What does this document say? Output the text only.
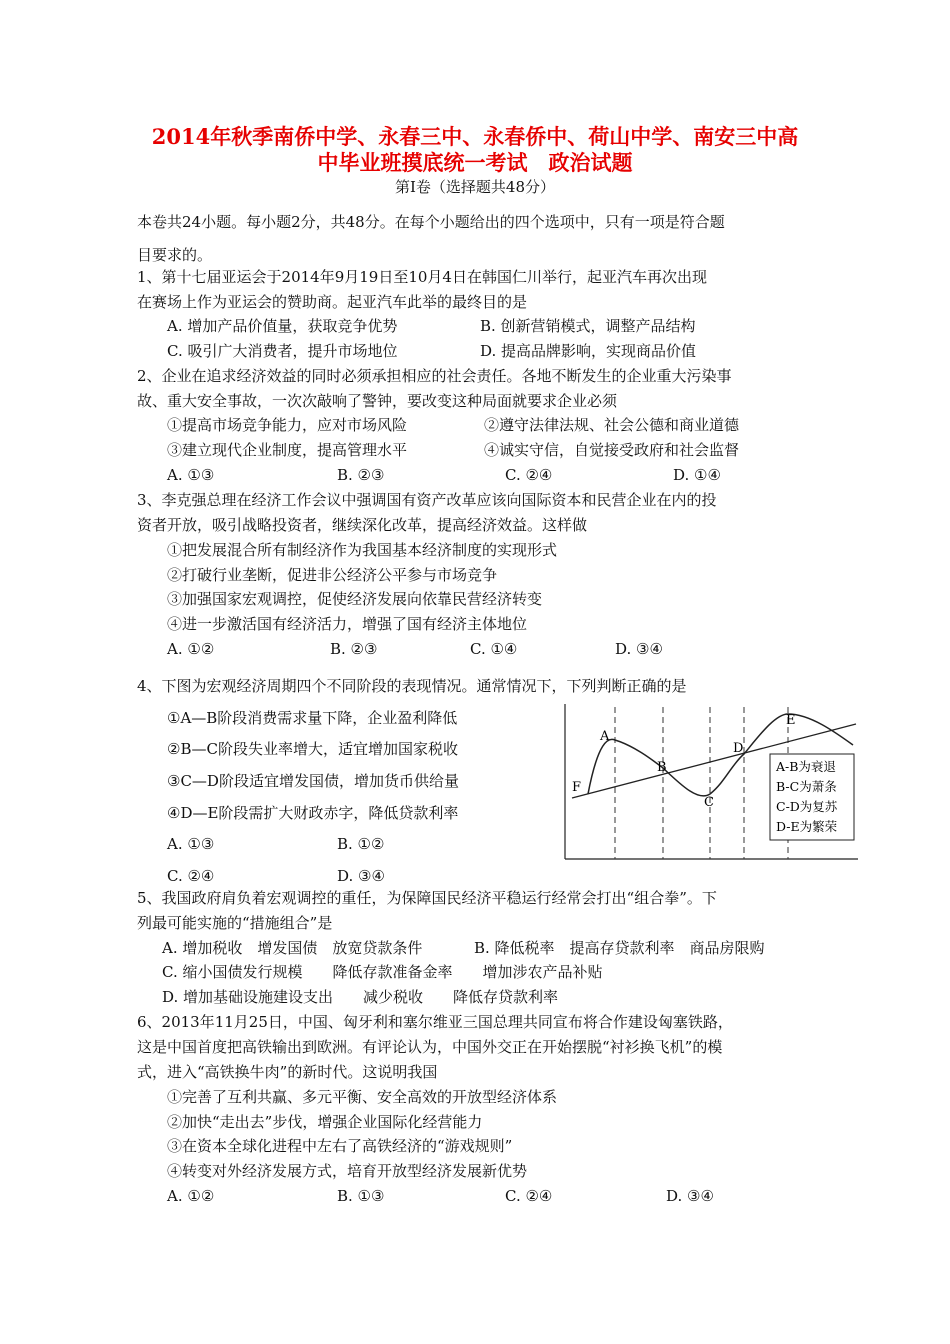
2014年秋季南侨中学、永春三中、永春侨中、荷山中学、南安三中高
中毕业班摸底统一考试　政治试题
第Ⅰ卷（选择题共48分）
本卷共24小题。每小题2分，共48分。在每个小题给出的四个选项中，只有一项是符合题
目要求的。
1、第十七届亚运会于2014年9月19日至10月4日在韩国仁川举行，起亚汽车再次出现
在赛场上作为亚运会的赞助商。起亚汽车此举的最终目的是
A. 增加产品价值量，获取竞争优势	B. 创新营销模式，调整产品结构
C. 吸引广大消费者，提升市场地位	D. 提高品牌影响，实现商品价值
2、企业在追求经济效益的同时必须承担相应的社会责任。各地不断发生的企业重大污染事
故、重大安全事故，一次次敲响了警钟，要改变这种局面就要求企业必须
①提高市场竞争能力，应对市场风险	②遵守法律法规、社会公德和商业道德
③建立现代企业制度，提高管理水平	④诚实守信，自觉接受政府和社会监督
A. ①③	B. ②③	C. ②④	D. ①④
3、李克强总理在经济工作会议中强调国有资产改革应该向国际资本和民营企业在内的投
资者开放，吸引战略投资者，继续深化改革，提高经济效益。这样做
①把发展混合所有制经济作为我国基本经济制度的实现形式
②打破行业垄断，促进非公经济公平参与市场竞争
③加强国家宏观调控，促使经济发展向依靠民营经济转变
④进一步激活国有经济活力，增强了国有经济主体地位
A. ①②	B. ②③	C. ①④	D. ③④
4、下图为宏观经济周期四个不同阶段的表现情况。通常情况下，下列判断正确的是
①A—B阶段消费需求量下降，企业盈利降低
②B—C阶段失业率增大，适宜增加国家税收
③C—D阶段适宜增发国债，增加货币供给量
④D—E阶段需扩大财政赤字，降低贷款利率
A. ①③	B. ①②
C. ②④	D. ③④
A
B
C
D
E
F
A-B为衰退
B-C为萧条
C-D为复苏
D-E为繁荣
5、我国政府肩负着宏观调控的重任，为保障国民经济平稳运行经常会打出“组合拳”。下
列最可能实施的“措施组合”是
A. 增加税收　增发国债　放宽贷款条件	B. 降低税率　提高存贷款利率　商品房限购
C. 缩小国债发行规模　　降低存款准备金率　　增加涉农产品补贴
D. 增加基础设施建设支出　　减少税收　　降低存贷款利率
6、2013年11月25日，中国、匈牙利和塞尔维亚三国总理共同宣布将合作建设匈塞铁路，
这是中国首度把高铁输出到欧洲。有评论认为，中国外交正在开始摆脱“衬衫换飞机”的模
式，进入“高铁换牛肉”的新时代。这说明我国
①完善了互利共赢、多元平衡、安全高效的开放型经济体系
②加快“走出去”步伐，增强企业国际化经营能力
③在资本全球化进程中左右了高铁经济的“游戏规则”
④转变对外经济发展方式，培育开放型经济发展新优势
A. ①②	B. ①③	C. ②④	D. ③④
